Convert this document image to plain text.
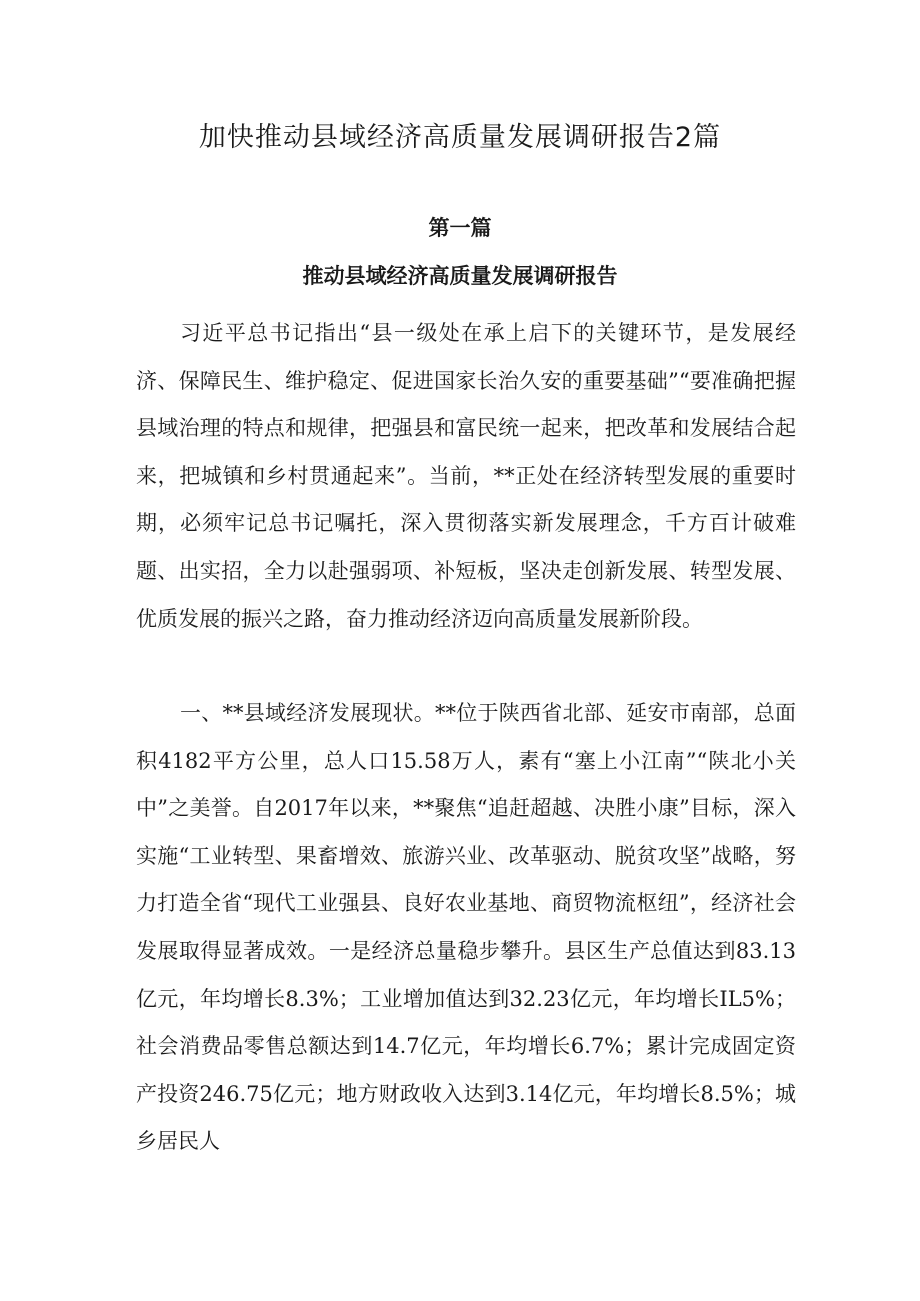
加快推动县域经济高质量发展调研报告2篇
第一篇
推动县域经济高质量发展调研报告

习近平总书记指出“县一级处在承上启下的关键环节，是发展经济、保障民生、维护稳定、促进国家长治久安的重要基础”“要准确把握县域治理的特点和规律，把强县和富民统一起来，把改革和发展结合起来，把城镇和乡村贯通起来”。当前，**正处在经济转型发展的重要时期，必须牢记总书记嘱托，深入贯彻落实新发展理念，千方百计破难题、出实招，全力以赴强弱项、补短板，坚决走创新发展、转型发展、优质发展的振兴之路，奋力推动经济迈向高质量发展新阶段。

一、**县域经济发展现状。**位于陕西省北部、延安市南部，总面积4182平方公里，总人口15.58万人，素有“塞上小江南”“陕北小关中”之美誉。自2017年以来，**聚焦“追赶超越、决胜小康”目标，深入实施“工业转型、果畜增效、旅游兴业、改革驱动、脱贫攻坚”战略，努力打造全省“现代工业强县、良好农业基地、商贸物流枢纽”，经济社会发展取得显著成效。一是经济总量稳步攀升。县区生产总值达到83.13亿元，年均增长8.3%；工业增加值达到32.23亿元，年均增长IL5%；社会消费品零售总额达到14.7亿元，年均增长6.7%；累计完成固定资产投资246.75亿元；地方财政收入达到3.14亿元，年均增长8.5%；城乡居民人
